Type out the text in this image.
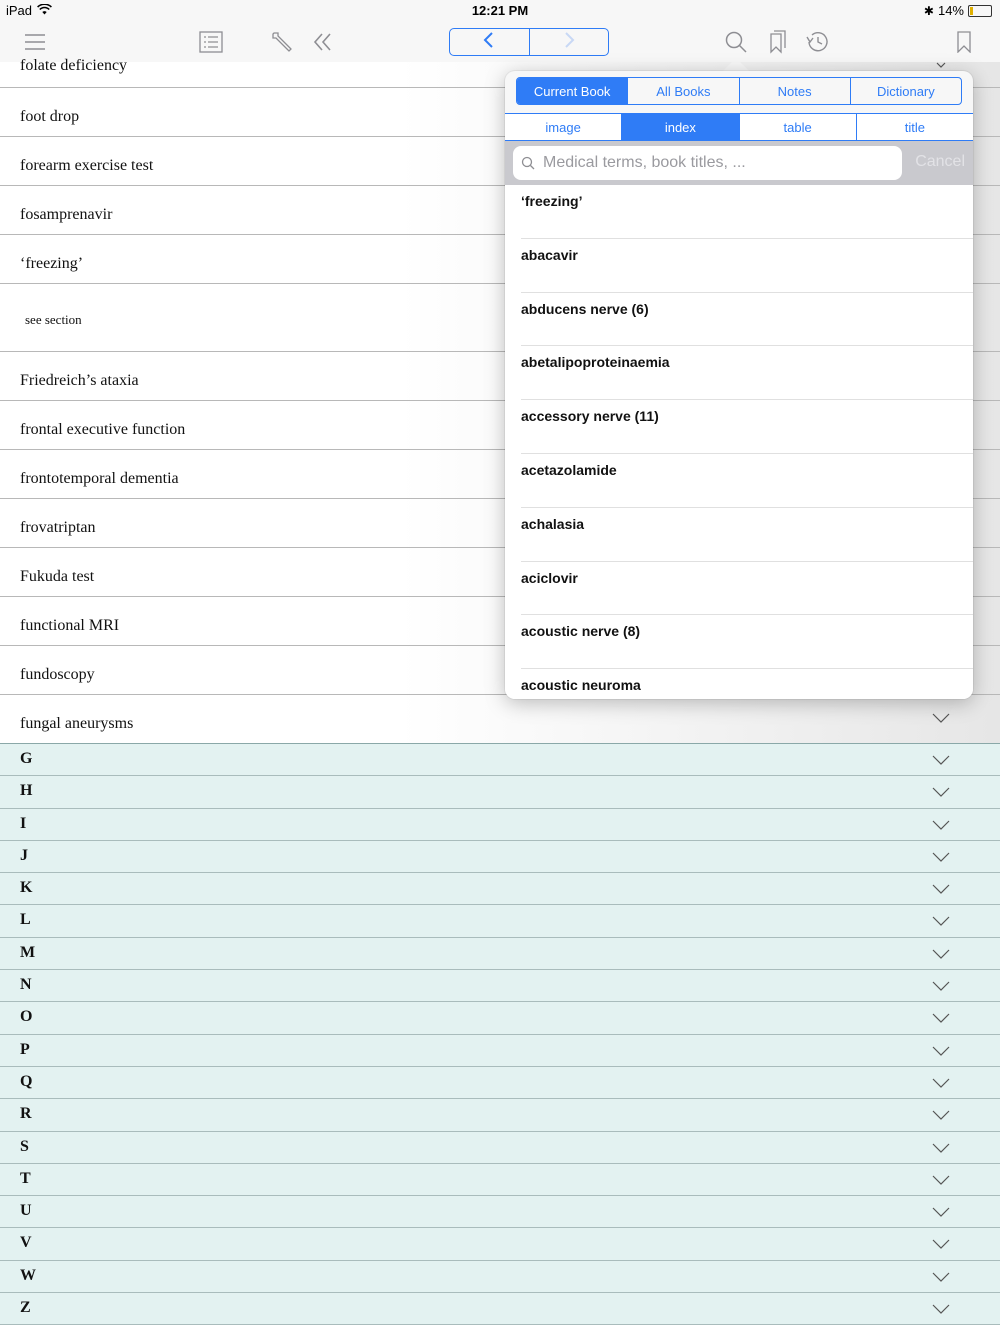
iPad	12:21 PM	✱ 14%
folate deficiency
foot drop
forearm exercise test
fosamprenavir
‘freezing’
see section
Friedreich’s ataxia
frontal executive function
frontotemporal dementia
frovatriptan
Fukuda test
functional MRI
fundoscopy
fungal aneurysms
G
H
I
J
K
L
M
N
O
P
Q
R
S
T
U
V
W
Z
Current Book	All Books	Notes	Dictionary
image	index	table	title
Medical terms, book titles, ...
Cancel
‘freezing’
abacavir
abducens nerve (6)
abetalipoproteinaemia
accessory nerve (11)
acetazolamide
achalasia
aciclovir
acoustic nerve (8)
acoustic neuroma
